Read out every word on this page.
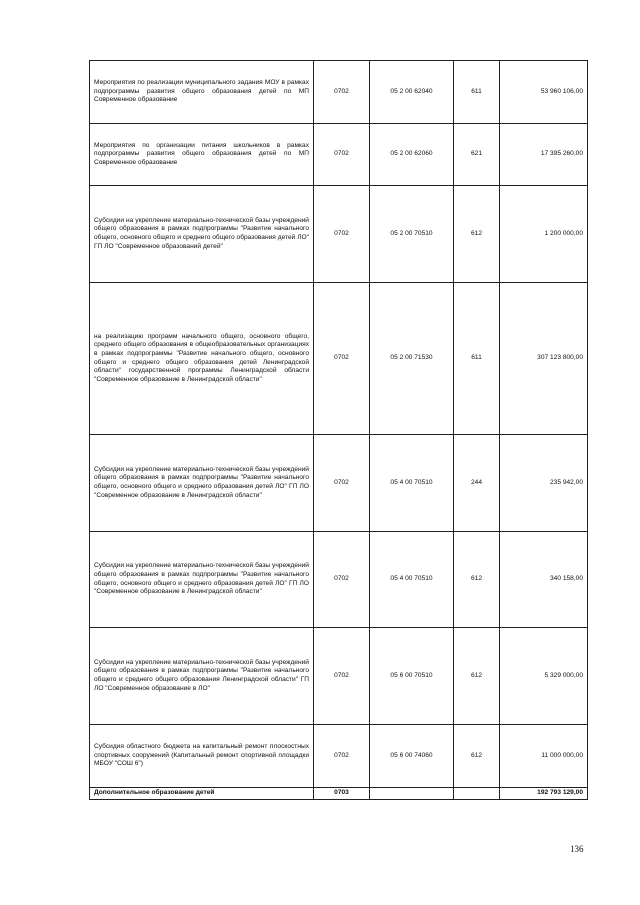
Мероприятия по реализации муниципального задания МОУ в рамках подпрограммы развития общего образования детей по МП Современное образование	0702	05 2 00 62040	611	53 960 106,00
Мероприятия по организации питания школьников в рамках подпрограммы развития общего образования детей по МП Современное образование	0702	05 2 00 62060	621	17 395 260,00
Субсидии на укрепление материально-технической базы учреждений общего образования в рамках подпрограммы "Развитие начального общего, основного общего и среднего общего образования детей ЛО" ГП ЛО "Современное образований детей"	0702	05 2 00 70510	612	1 200 000,00
на реализацию программ начального общего, основного общего, среднего общего образования в общеобразовательных организациях в рамках подпрограммы "Развитие начального общего, основного общего и среднего общего образования детей Ленинградской области" государственной программы Ленинградской области "Современное образование в Ленинградской области"	0702	05 2 00 71530	611	307 123 800,00
Субсидии на укрепление материально-технической базы учреждений общего образования в рамках подпрограммы "Развитие начального общего, основного общего и среднего образования детей ЛО" ГП ЛО "Современное образование в Ленинградской области"	0702	05 4 00 70510	244	235 942,00
Субсидии на укрепление материально-технической базы учреждений общего образования в рамках подпрограммы "Развитие начального общего, основного общего и среднего образования детей ЛО" ГП ЛО "Современное образование в Ленинградской области"	0702	05 4 00 70510	612	340 158,00
Субсидии на укрепление материально-технической базы учреждений общего образования в рамках подпрограммы "Развитие начального общего и среднего общего образования Ленинградской области" ГП ЛО "Современное образование в ЛО"	0702	05 6 00 70510	612	5 329 000,00
Субсидия областного бюджета на капитальный ремонт плоскостных спортивных сооружений (Капитальный ремонт спортивной площадки МБОУ "СОШ 6")	0702	05 6 00 74060	612	11 000 000,00
Дополнительное образование детей	0703			192 793 129,00
136
